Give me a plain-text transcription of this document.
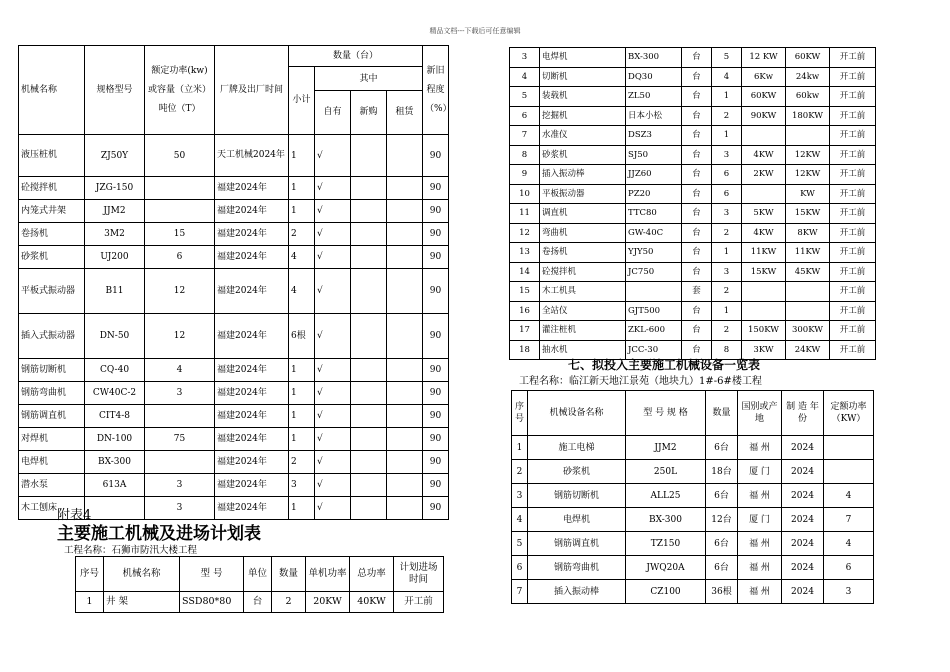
精品文档---下载后可任意编辑
机械名称	规格型号	额定功率(kw)或容量（立米）吨位（T）	厂牌及出厂时间	数量（台）				新旧程度（%）
				小计	其中
自有 新购 租赁			

液压桩机	ZJ50Y	50	天工机械2024年	1	√			90
砼搅拌机	JZG-150		福建2024年	1	√			90
内笼式井架	JJM2		福建2024年	1	√			90
卷扬机	3M2	15	福建2024年	2	√			90
砂浆机	UJ200	6	福建2024年	4	√			90
平板式振动器	B11	12	福建2024年	4	√			90
插入式振动器	DN-50	12	福建2024年	6根	√			90
钢筋切断机	CQ-40	4	福建2024年	1	√			90
钢筋弯曲机	CW40C-2	3	福建2024年	1	√			90
钢筋调直机	CIT4-8		福建2024年	1	√			90
对焊机	DN-100	75	福建2024年	1	√			90
电焊机	BX-300		福建2024年	2	√			90
潜水泵	613A	3	福建2024年	3	√			90
木工刨床		3	福建2024年	1	√			90
附表4
主要施工机械及进场计划表
工程名称：石狮市防汛大楼工程
序号	机械名称	型 号	单位	数量	单机功率	总功率	计划进场时间
1	井 架	SSD80*80	台	2	20KW	40KW	开工前
3	电焊机	BX-300	台	5	12 KW	60KW	开工前
4	切断机	DQ30	台	4	6Kw	24kw	开工前
5	装载机	ZL50	台	1	60KW	60kw	开工前
6	挖掘机	日本小松	台	2	90KW	180KW	开工前
7	水准仪	DSZ3	台	1			开工前
8	砂浆机	SJ50	台	3	4KW	12KW	开工前
9	插入振动棒	JJZ60	台	6	2KW	12KW	开工前
10	平板振动器	PZ20	台	6		KW	开工前
11	调直机	TTC80	台	3	5KW	15KW	开工前
12	弯曲机	GW-40C	台	2	4KW	8KW	开工前
13	卷扬机	YJY50	台	1	11KW	11KW	开工前
14	砼搅拌机	JC750	台	3	15KW	45KW	开工前
15	木工机具		套	2			开工前
16	全站仪	GJT500	台	1			开工前
17	灌注桩机	ZKL-600	台	2	150KW	300KW	开工前
18	抽水机	JCC-30	台	8	3KW	24KW	开工前
七、拟投入主要施工机械设备一览表
工程名称：临江新天地江景苑（地块九）1#-6#楼工程
序号	机械设备名称	型 号 规 格	数量	国别或产 地	制 造 年 份	定额功率（KW）
1	施工电梯	JJM2	6台	福 州	2024	
2	砂浆机	250L	18台	厦 门	2024	
3	钢筋切断机	ALL25	6台	福 州	2024	4
4	电焊机	BX-300	12台	厦 门	2024	7
5	钢筋调直机	TZ150	6台	福 州	2024	4
6	钢筋弯曲机	JWQ20A	6台	福 州	2024	6
7	插入振动棒	CZ100	36根	福 州	2024	3
